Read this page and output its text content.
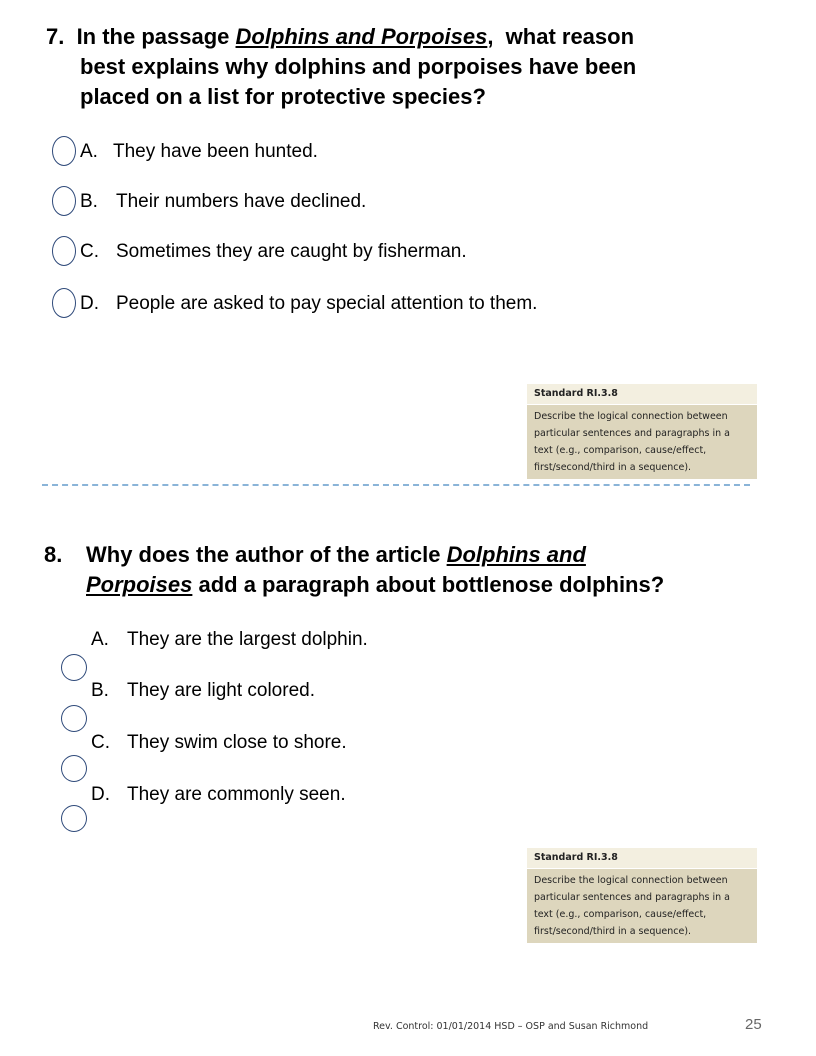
7.  In the passage Dolphins and Porpoises,  what reason
best explains why dolphins and porpoises have been
placed on a list for protective species?
A. They have been hunted.
B. Their numbers have declined.
C. Sometimes they are caught by fisherman.
D. People are asked to pay special attention to them.
Standard RI.3.8
Describe the logical connection between particular sentences and paragraphs in a text (e.g., comparison, cause/effect, first/second/third in a sequence).
8. Why does the author of the article Dolphins and
Porpoises add a paragraph about bottlenose dolphins?
A. They are the largest dolphin.
B. They are light colored.
C. They swim close to shore.
D. They are commonly seen.
Standard RI.3.8
Describe the logical connection between particular sentences and paragraphs in a text (e.g., comparison, cause/effect, first/second/third in a sequence).
Rev. Control: 01/01/2014 HSD – OSP and Susan Richmond	25
